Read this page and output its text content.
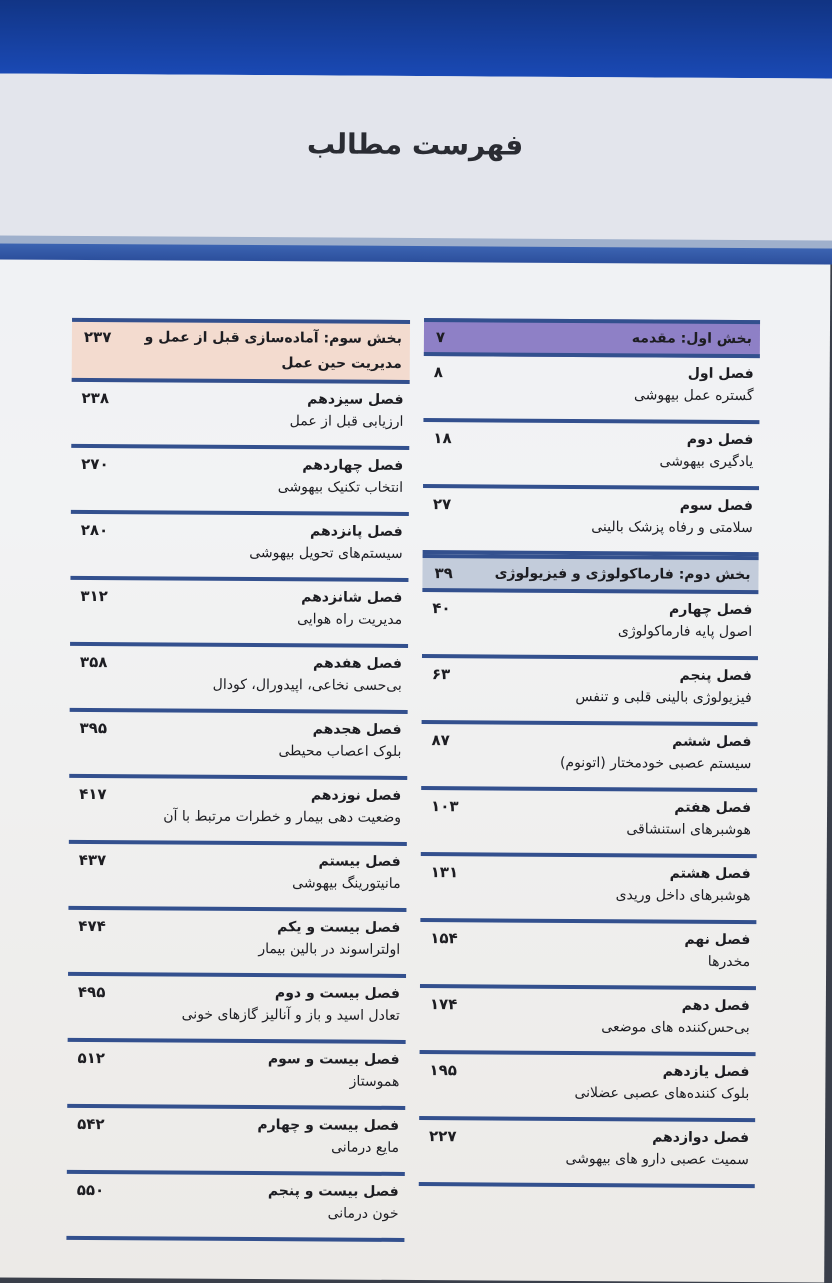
فهرست مطالب
بخش اول: مقدمه
۷
فصل اول
گستره عمل بیهوشی
۸
فصل دوم
یادگیری بیهوشی
۱۸
فصل سوم
سلامتی و رفاه پزشک بالینی
۲۷
بخش دوم: فارماکولوژی و فیزیولوژی
۳۹
فصل چهارم
اصول پایه فارماکولوژی
۴۰
فصل پنجم
فیزیولوژی بالینی قلبی و تنفس
۶۳
فصل ششم
سیستم عصبی خودمختار (اتونوم)
۸۷
فصل هفتم
هوشبرهای استنشاقی
۱۰۳
فصل هشتم
هوشبرهای داخل وریدی
۱۳۱
فصل نهم
مخدرها
۱۵۴
فصل دهم
بی‌حس‌کننده های موضعی
۱۷۴
فصل یازدهم
بلوک کننده‌های عصبی عضلانی
۱۹۵
فصل دوازدهم
سمیت عصبی دارو های بیهوشی
۲۲۷
بخش سوم: آماده‌سازی قبل از عمل و مدیریت حین عمل
۲۳۷
فصل سیزدهم
ارزیابی قبل از عمل
۲۳۸
فصل چهاردهم
انتخاب تکنیک بیهوشی
۲۷۰
فصل پانزدهم
سیستم‌های تحویل بیهوشی
۲۸۰
فصل شانزدهم
مدیریت راه هوایی
۳۱۲
فصل هفدهم
بی‌حسی نخاعی، اپیدورال، کودال
۳۵۸
فصل هجدهم
بلوک اعصاب محیطی
۳۹۵
فصل نوزدهم
وضعیت دهی بیمار و خطرات مرتبط با آن
۴۱۷
فصل بیستم
مانیتورینگ بیهوشی
۴۳۷
فصل بیست و یکم
اولتراسوند در بالین بیمار
۴۷۴
فصل بیست و دوم
تعادل اسید و باز و آنالیز گازهای خونی
۴۹۵
فصل بیست و سوم
هموستاز
۵۱۲
فصل بیست و چهارم
مایع درمانی
۵۴۲
فصل بیست و پنجم
خون درمانی
۵۵۰
